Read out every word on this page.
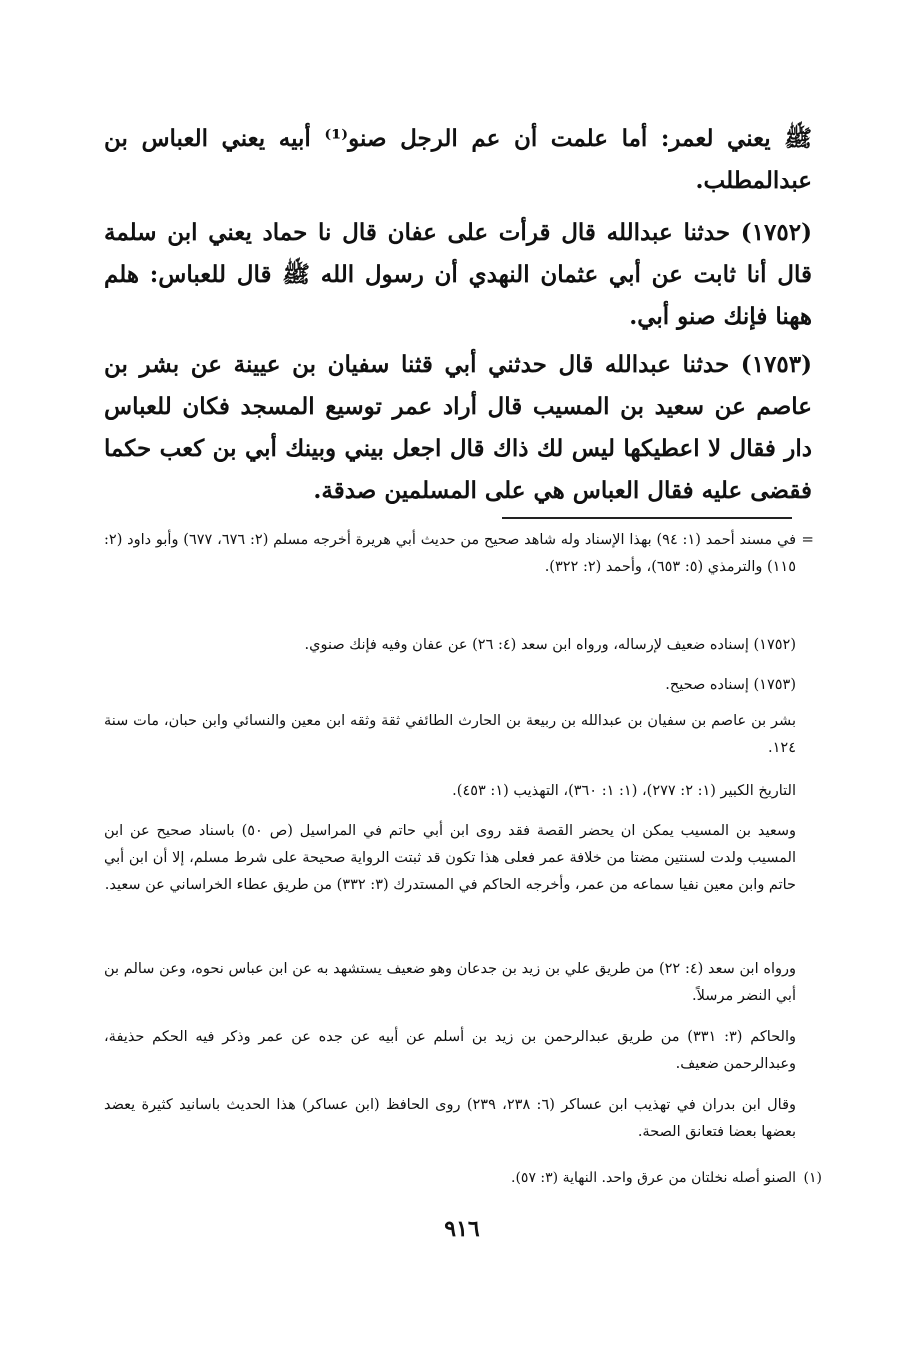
ﷺ يعني لعمر: أما علمت أن عم الرجل صنو⁽¹⁾ أبيه يعني العباس بن عبدالمطلب.

(١٧٥٢) حدثنا عبدالله قال قرأت على عفان قال نا حماد يعني ابن سلمة قال أنا ثابت عن أبي عثمان النهدي أن رسول الله ﷺ قال للعباس: هلم ههنا فإنك صنو أبي.

(١٧٥٣) حدثنا عبدالله قال حدثني أبي قثنا سفيان بن عيينة عن بشر بن عاصم عن سعيد بن المسيب قال أراد عمر توسيع المسجد فكان للعباس دار فقال لا اعطيكها ليس لك ذاك قال اجعل بيني وبينك أبي بن كعب حكما فقضى عليه فقال العباس هي على المسلمين صدقة.

=

في مسند أحمد (١: ٩٤) بهذا الإسناد وله شاهد صحيح من حديث أبي هريرة أخرجه مسلم (٢: ٦٧٦، ٦٧٧) وأبو داود (٢: ١١٥) والترمذي (٥: ٦٥٣)، وأحمد (٢: ٣٢٢).

(١٧٥٢) إسناده ضعيف لإرساله، ورواه ابن سعد (٤: ٢٦) عن عفان وفيه فإنك صنوي.

(١٧٥٣) إسناده صحيح.

بشر بن عاصم بن سفيان بن عبدالله بن ربيعة بن الحارث الطائفي ثقة وثقه ابن معين والنسائي وابن حبان، مات سنة ١٢٤.

التاريخ الكبير (١: ٢: ٢٧٧)، (١: ١: ٣٦٠)، التهذيب (١: ٤٥٣).

وسعيد بن المسيب يمكن ان يحضر القصة فقد روى ابن أبي حاتم في المراسيل (ص ٥٠) باسناد صحيح عن ابن المسيب ولدت لسنتين مضتا من خلافة عمر فعلى هذا تكون قد ثبتت الرواية صحيحة على شرط مسلم، إلا أن ابن أبي حاتم وابن معين نفيا سماعه من عمر، وأخرجه الحاكم في المستدرك (٣: ٣٣٢) من طريق عطاء الخراساني عن سعيد.

ورواه ابن سعد (٤: ٢٢) من طريق علي بن زيد بن جدعان وهو ضعيف يستشهد به عن ابن عباس نحوه، وعن سالم بن أبي النضر مرسلاً.

والحاكم (٣: ٣٣١) من طريق عبدالرحمن بن زيد بن أسلم عن أبيه عن جده عن عمر وذكر فيه الحكم حذيفة، وعبدالرحمن ضعيف.

وقال ابن بدران في تهذيب ابن عساكر (٦: ٢٣٨، ٢٣٩) روى الحافظ (ابن عساكر) هذا الحديث باسانيد كثيرة يعضد بعضها بعضا فتعانق الصحة.

(١)

الصنو أصله نخلتان من عرق واحد. النهاية (٣: ٥٧).

٩١٦
